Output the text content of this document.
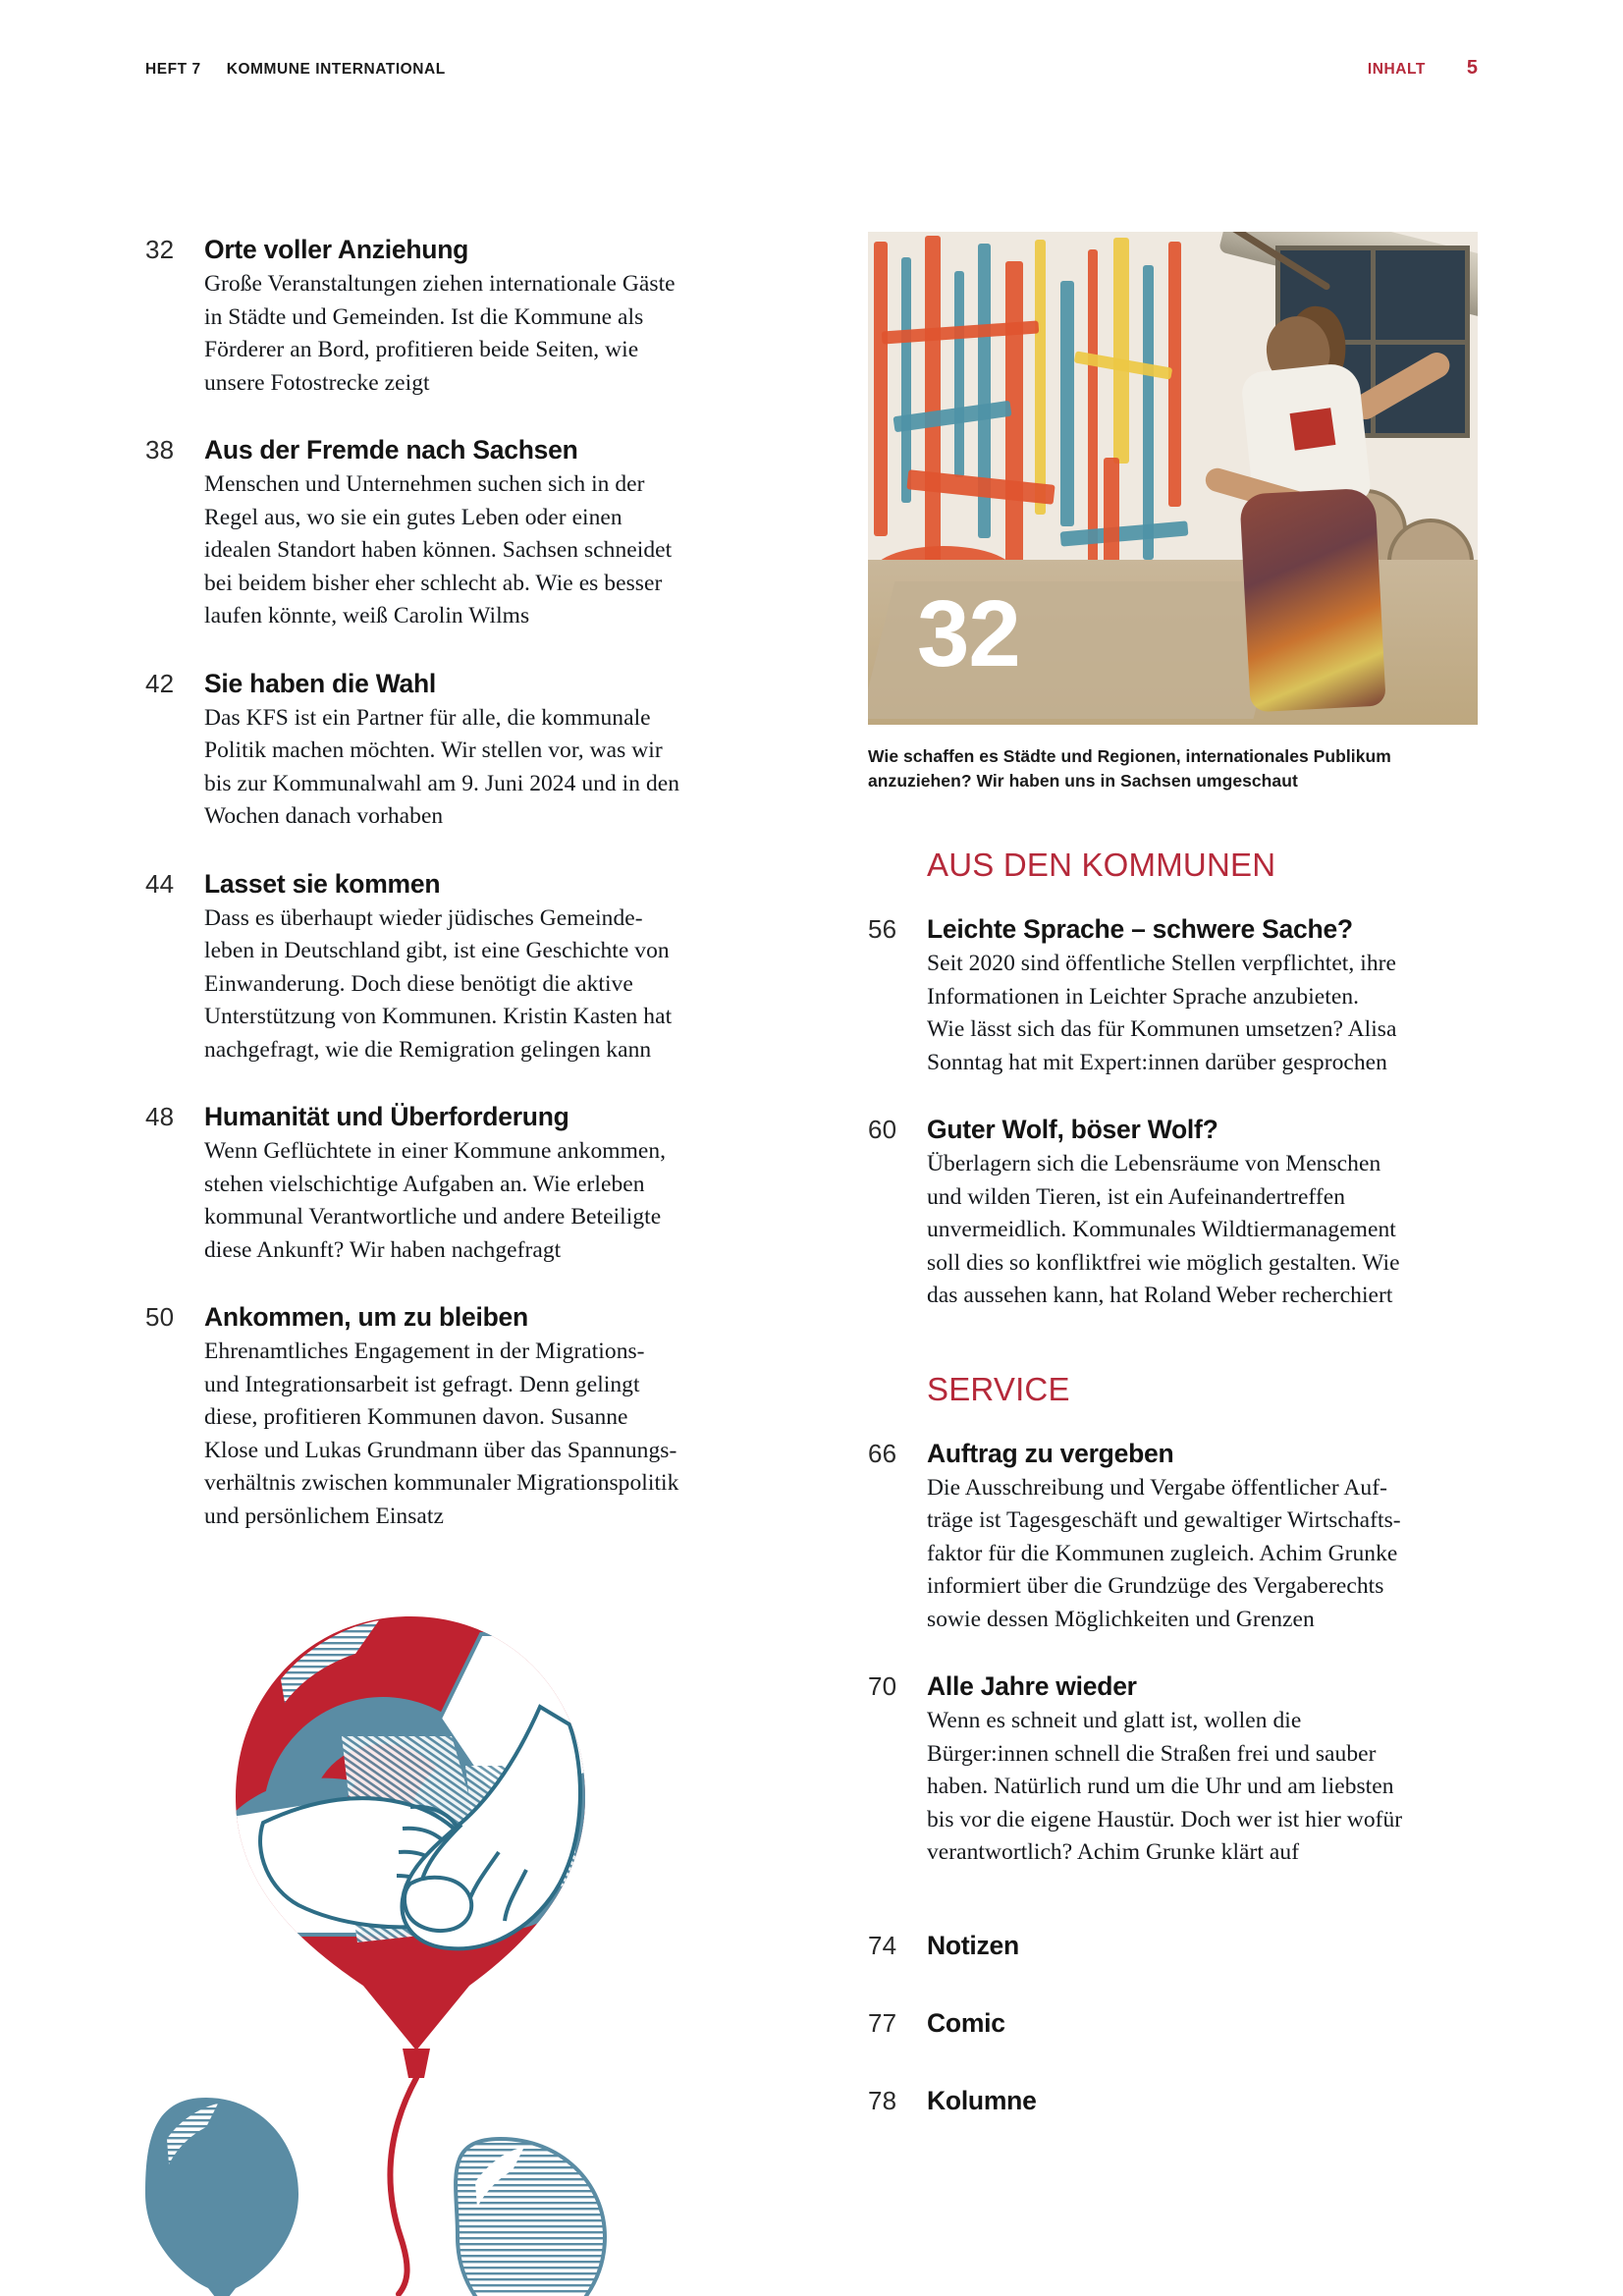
HEFT 7 KOMMUNE INTERNATIONAL	INHALT 5
32	Orte voller Anziehung
Große Veranstaltungen ziehen internationale Gäste
in Städte und Gemeinden. Ist die Kommune als
Förderer an Bord, profitieren beide Seiten, wie
unsere Fotostrecke zeigt
38	Aus der Fremde nach Sachsen
Menschen und Unternehmen suchen sich in der
Regel aus, wo sie ein gutes Leben oder einen
idealen Standort haben können. Sachsen schneidet
bei beidem bisher eher schlecht ab. Wie es besser
laufen könnte, weiß Carolin Wilms
42	Sie haben die Wahl
Das KFS ist ein Partner für alle, die kommunale
Politik machen möchten. Wir stellen vor, was wir
bis zur Kommunalwahl am 9. Juni 2024 und in den
Wochen danach vorhaben
44	Lasset sie kommen
Dass es überhaupt wieder jüdisches Gemeinde-
leben in Deutschland gibt, ist eine Geschichte von
Einwanderung. Doch diese benötigt die aktive
Unterstützung von Kommunen. Kristin Kasten hat
nachgefragt, wie die Remigration gelingen kann
48	Humanität und Überforderung
Wenn Geflüchtete in einer Kommune ankommen,
stehen vielschichtige Aufgaben an. Wie erleben
kommunal Verantwortliche und andere Beteiligte
diese Ankunft? Wir haben nachgefragt
50	Ankommen, um zu bleiben
Ehrenamtliches Engagement in der Migrations-
und Integrationsarbeit ist gefragt. Denn gelingt
diese, profitieren Kommunen davon. Susanne
Klose und Lukas Grundmann über das Spannungs-
verhältnis zwischen kommunaler Migrationspolitik
und persönlichem Einsatz
AUS DEN KOMMUNEN
56	Leichte Sprache – schwere Sache?
Seit 2020 sind öffentliche Stellen verpflichtet, ihre
Informationen in Leichter Sprache anzubieten.
Wie lässt sich das für Kommunen umsetzen? Alisa
Sonntag hat mit Expert:innen darüber gesprochen
60	Guter Wolf, böser Wolf?
Überlagern sich die Lebensräume von Menschen
und wilden Tieren, ist ein Aufeinandertreffen
unvermeidlich. Kommunales Wildtiermanagement
soll dies so konfliktfrei wie möglich gestalten. Wie
das aussehen kann, hat Roland Weber recherchiert
SERVICE
66	Auftrag zu vergeben
Die Ausschreibung und Vergabe öffentlicher Auf-
träge ist Tagesgeschäft und gewaltiger Wirtschafts-
faktor für die Kommunen zugleich. Achim Grunke
informiert über die Grundzüge des Vergaberechts
sowie dessen Möglichkeiten und Grenzen
70	Alle Jahre wieder
Wenn es schneit und glatt ist, wollen die
Bürger:innen schnell die Straßen frei und sauber
haben. Natürlich rund um die Uhr und am liebsten
bis vor die eigene Haustür. Doch wer ist hier wofür
verantwortlich? Achim Grunke klärt auf
74	Notizen
77	Comic
78	Kolumne
32
Wie schaffen es Städte und Regionen, internationales Publikum
anzuziehen? Wir haben uns in Sachsen umgeschaut
